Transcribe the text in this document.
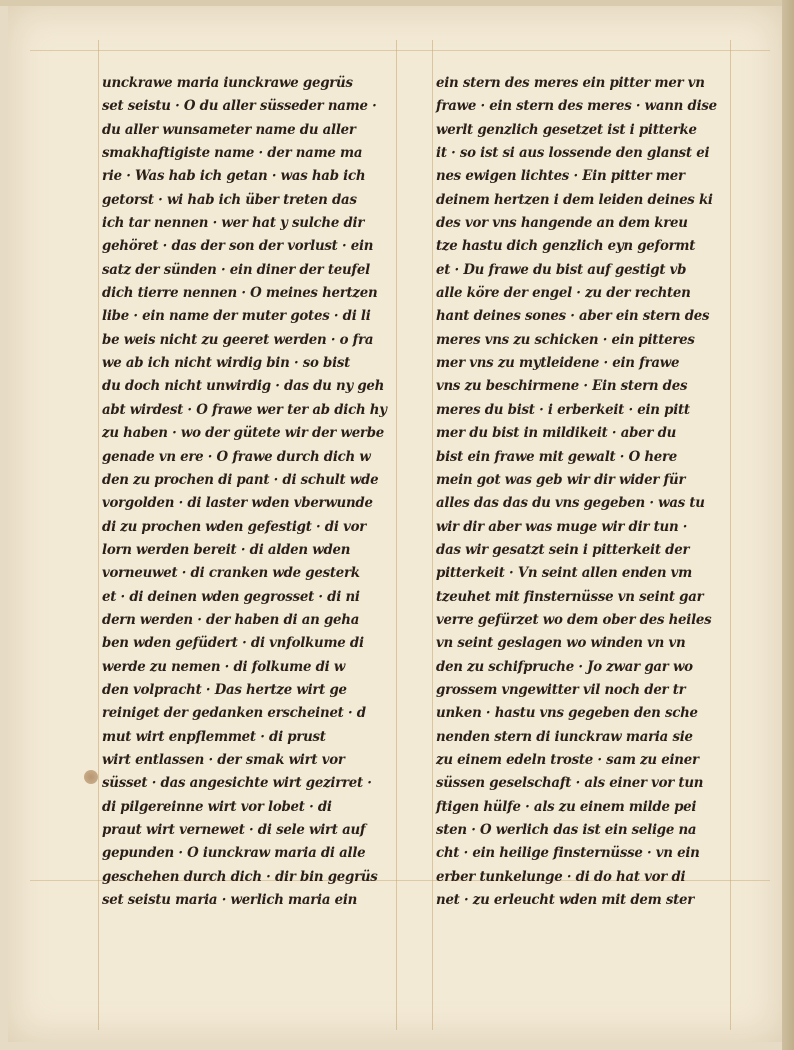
unckrawe maria iunckrawe gegrüs
set seistu · O du aller süsseder name ·
du aller wunsameter name du aller
smakhaftigiste name · der name ma
rie · Was hab ich getan · was hab ich
getorst · wi hab ich über treten das
ich tar nennen · wer hat y sulche dir
gehöret · das der son der vorlust · ein
satz der sünden · ein diner der teufel
dich tierre nennen · O meines hertzen
libe · ein name der muter gotes · di li
be weis nicht zu geeret werden · o fra
we ab ich nicht wirdig bin · so bist
du doch nicht unwirdig · das du ny geh
abt wirdest · O frawe wer ter ab dich hy
zu haben · wo der gütete wir der werbe
genade vn ere · O frawe durch dich w
den zu prochen di pant · di schult wde
vorgolden · di laster wden vberwunde
di zu prochen wden gefestigt · di vor
lorn werden bereit · di alden wden
vorneuwet · di cranken wde gesterk
et · di deinen wden gegrosset · di ni
dern werden · der haben di an geha
ben wden gefüdert · di vnfolkume di
werde zu nemen · di folkume di w
den volpracht · Das hertze wirt ge
reiniget der gedanken erscheinet · d
mut wirt enpflemmet · di prust
wirt entlassen · der smak wirt vor
süsset · das angesichte wirt gezirret ·
di pilgereinne wirt vor lobet · di
praut wirt vernewet · di sele wirt auf
gepunden · O iunckraw maria di alle
geschehen durch dich · dir bin gegrüs
set seistu maria · werlich maria ein
ein stern des meres ein pitter mer vn
frawe · ein stern des meres · wann dise
werlt genzlich gesetzet ist i pitterke
it · so ist si aus lossende den glanst ei
nes ewigen lichtes · Ein pitter mer
deinem hertzen i dem leiden deines ki
des vor vns hangende an dem kreu
tze hastu dich genzlich eyn geformt
et · Du frawe du bist auf gestigt vb
alle köre der engel · zu der rechten
hant deines sones · aber ein stern des
meres vns zu schicken · ein pitteres
mer vns zu mytleidene · ein frawe
vns zu beschirmene · Ein stern des
meres du bist · i erberkeit · ein pitt
mer du bist in mildikeit · aber du
bist ein frawe mit gewalt · O here
mein got was geb wir dir wider für
alles das das du vns gegeben · was tu
wir dir aber was muge wir dir tun ·
das wir gesatzt sein i pitterkeit der
pitterkeit · Vn seint allen enden vm
tzeuhet mit finsternüsse vn seint gar
verre gefürzet wo dem ober des heiles
vn seint geslagen wo winden vn vn
den zu schifpruche · Jo zwar gar wo
grossem vngewitter vil noch der tr
unken · hastu vns gegeben den sche
nenden stern di iunckraw maria sie
zu einem edeln troste · sam zu einer
süssen geselschaft · als einer vor tun
ftigen hülfe · als zu einem milde pei
sten · O werlich das ist ein selige na
cht · ein heilige finsternüsse · vn ein
erber tunkelunge · di do hat vor di
net · zu erleucht wden mit dem ster
